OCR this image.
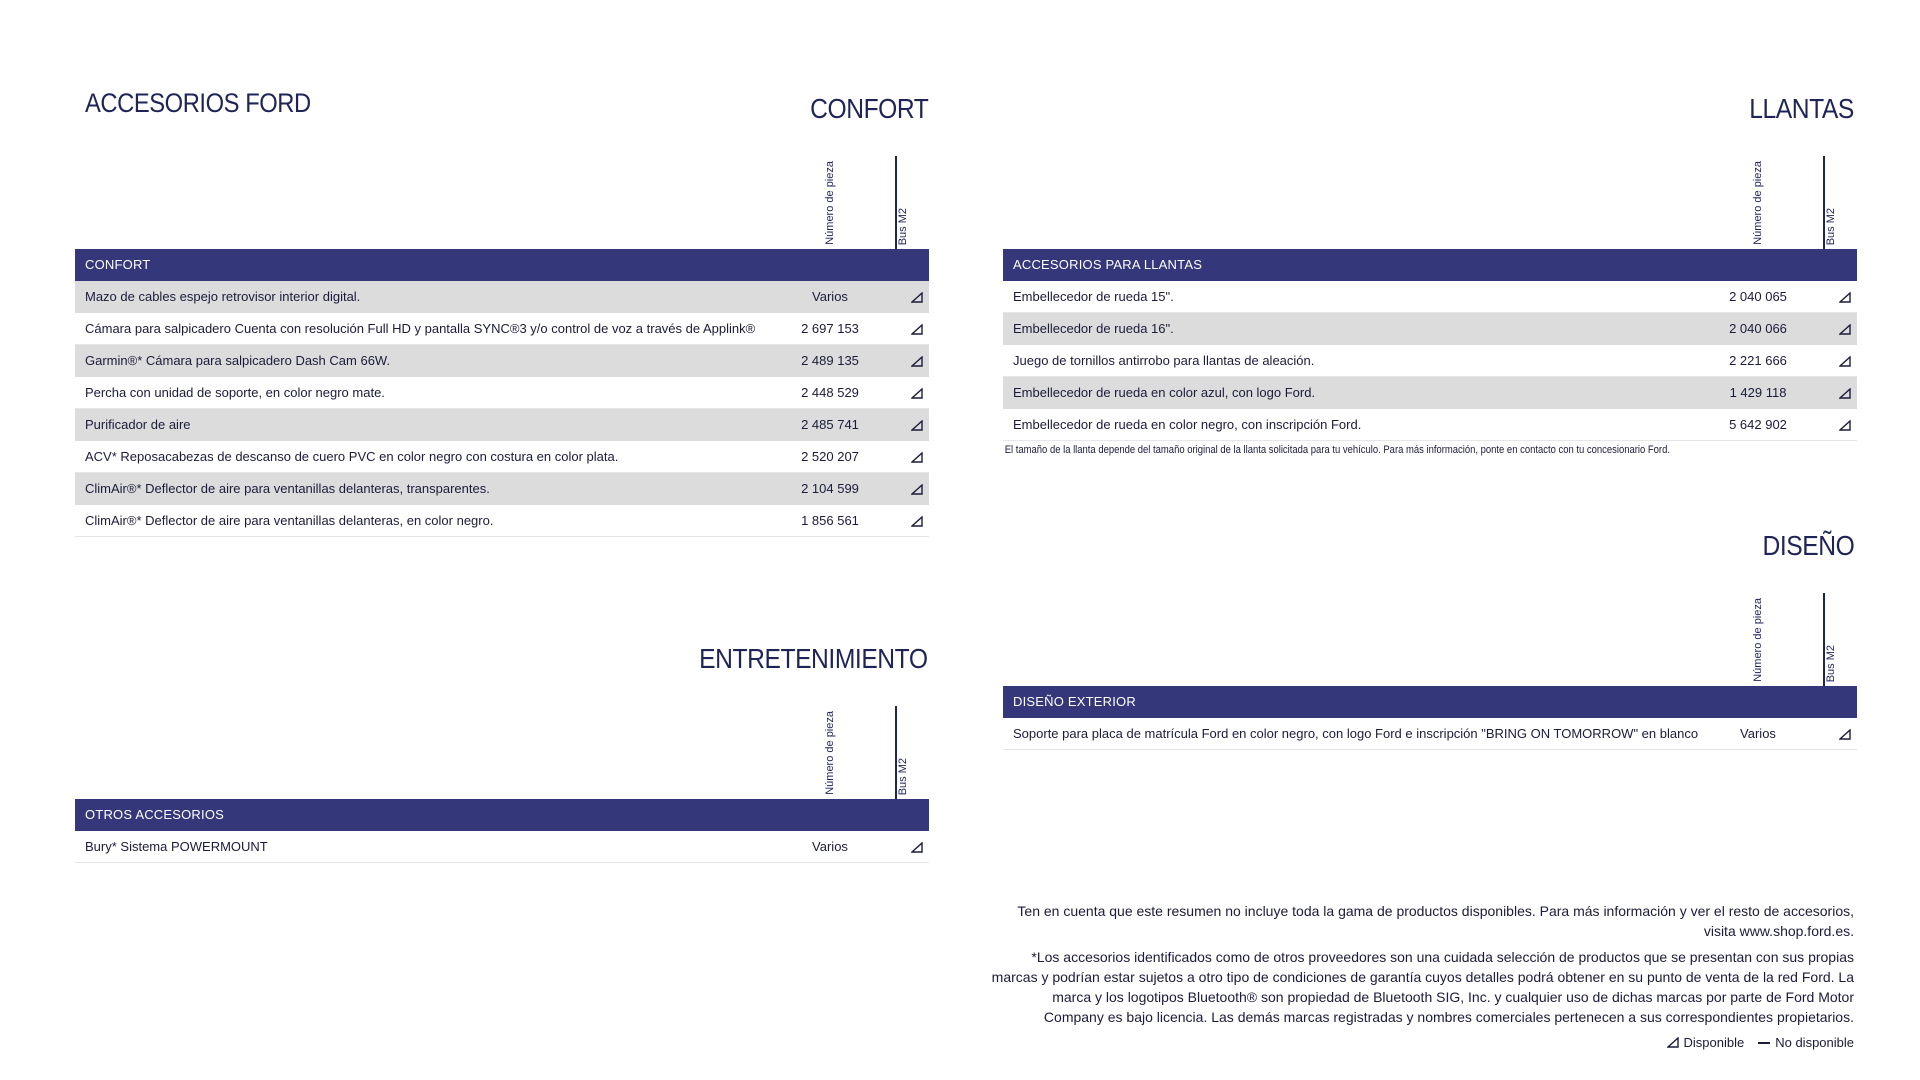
ACCESORIOS FORD	CONFORT
Número de pieza	Bus M2
CONFORT
Mazo de cables espejo retrovisor interior digital.	Varios
Cámara para salpicadero Cuenta con resolución Full HD y pantalla SYNC®3 y/o control de voz a través de Applink®	2 697 153
Garmin®* Cámara para salpicadero Dash Cam 66W.	2 489 135
Percha con unidad de soporte, en color negro mate.	2 448 529
Purificador de aire	2 485 741
ACV* Reposacabezas de descanso de cuero PVC en color negro con costura en color plata.	2 520 207
ClimAir®* Deflector de aire para ventanillas delanteras, transparentes.	2 104 599
ClimAir®* Deflector de aire para ventanillas delanteras, en color negro.	1 856 561
ENTRETENIMIENTO
Número de pieza	Bus M2
OTROS ACCESORIOS
Bury* Sistema POWERMOUNT	Varios
LLANTAS
Número de pieza	Bus M2
ACCESORIOS PARA LLANTAS
Embellecedor de rueda 15".	2 040 065
Embellecedor de rueda 16".	2 040 066
Juego de tornillos antirrobo para llantas de aleación.	2 221 666
Embellecedor de rueda en color azul, con logo Ford.	1 429 118
Embellecedor de rueda en color negro, con inscripción Ford.	5 642 902
El tamaño de la llanta depende del tamaño original de la llanta solicitada para tu vehículo. Para más información, ponte en contacto con tu concesionario Ford.
DISEÑO
Número de pieza	Bus M2
DISEÑO EXTERIOR
Soporte para placa de matrícula Ford en color negro, con logo Ford e inscripción "BRING ON TOMORROW" en blanco	Varios
Ten en cuenta que este resumen no incluye toda la gama de productos disponibles. Para más información y ver el resto de accesorios,
visita www.shop.ford.es.
*Los accesorios identificados como de otros proveedores son una cuidada selección de productos que se presentan con sus propias
marcas y podrían estar sujetos a otro tipo de condiciones de garantía cuyos detalles podrá obtener en su punto de venta de la red Ford. La
marca y los logotipos Bluetooth® son propiedad de Bluetooth SIG, Inc. y cualquier uso de dichas marcas por parte de Ford Motor
Company es bajo licencia. Las demás marcas registradas y nombres comerciales pertenecen a sus correspondientes propietarios.
Disponible No disponible
